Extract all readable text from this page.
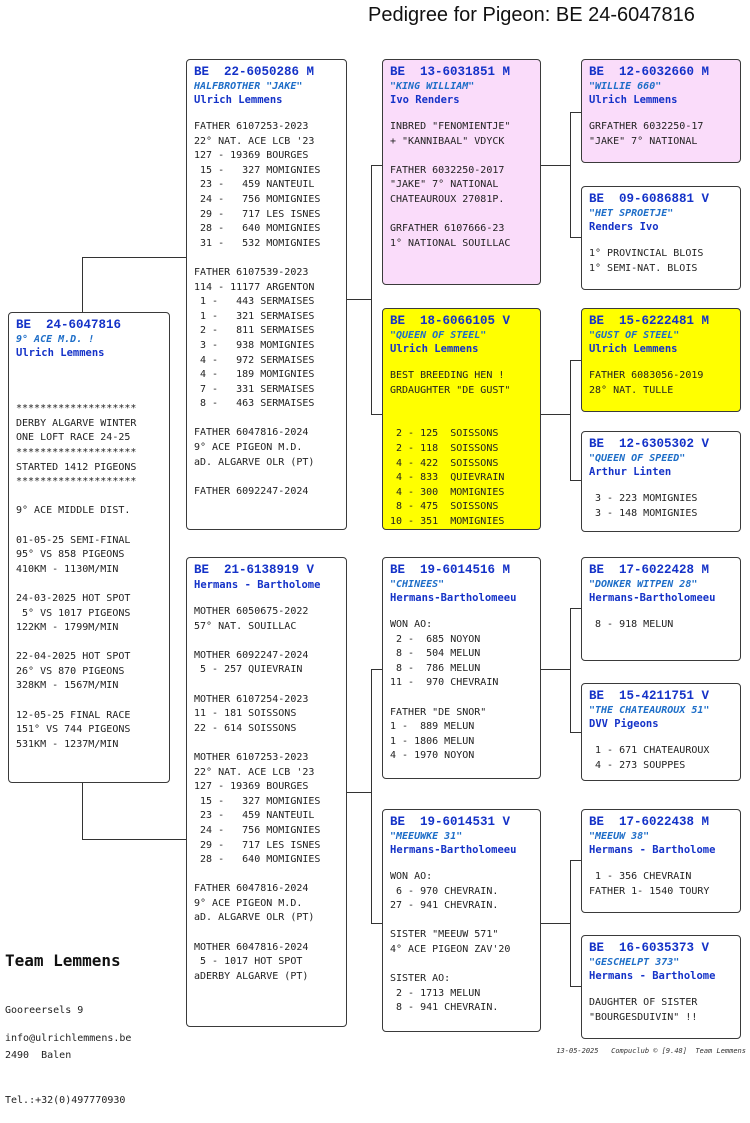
Pedigree for Pigeon: BE 24-6047816
BE  24-6047816
9° ACE M.D. !
Ulrich Lemmens
********************
DERBY ALGARVE WINTER
ONE LOFT RACE 24-25
********************
STARTED 1412 PIGEONS
********************
9° ACE MIDDLE DIST.
01-05-25 SEMI-FINAL
95° VS 858 PIGEONS
410KM - 1130M/MIN
24-03-2025 HOT SPOT
5° VS 1017 PIGEONS
122KM - 1799M/MIN
22-04-2025 HOT SPOT
26° VS 870 PIGEONS
328KM - 1567M/MIN
12-05-25 FINAL RACE
151° VS 744 PIGEONS
531KM - 1237M/MIN
BE  22-6050286 M
HALFBROTHER "JAKE"
Ulrich Lemmens
FATHER 6107253-2023
22° NAT. ACE LCB '23
127 - 19369 BOURGES
15 -   327 MOMIGNIES
23 -   459 NANTEUIL
24 -   756 MOMIGNIES
29 -   717 LES ISNES
28 -   640 MOMIGNIES
31 -   532 MOMIGNIES
FATHER 6107539-2023
114 - 11177 ARGENTON
1 -   443 SERMAISES
1 -   321 SERMAISES
2 -   811 SERMAISES
3 -   938 MOMIGNIES
4 -   972 SERMAISES
4 -   189 MOMIGNIES
7 -   331 SERMAISES
8 -   463 SERMAISES
FATHER 6047816-2024
9° ACE PIGEON M.D.
aD. ALGARVE OLR (PT)
FATHER 6092247-2024
BE  21-6138919 V
Hermans - Bartholome
MOTHER 6050675-2022
57° NAT. SOUILLAC
MOTHER 6092247-2024
5 - 257 QUIEVRAIN
MOTHER 6107254-2023
11 - 181 SOISSONS
22 - 614 SOISSONS
MOTHER 6107253-2023
22° NAT. ACE LCB '23
127 - 19369 BOURGES
15 -   327 MOMIGNIES
23 -   459 NANTEUIL
24 -   756 MOMIGNIES
29 -   717 LES ISNES
28 -   640 MOMIGNIES
FATHER 6047816-2024
9° ACE PIGEON M.D.
aD. ALGARVE OLR (PT)
MOTHER 6047816-2024
5 - 1017 HOT SPOT
aDERBY ALGARVE (PT)
BE  13-6031851 M
"KING WILLIAM"
Ivo Renders
INBRED "FENOMIENTJE"
+ "KANNIBAAL" VDYCK
FATHER 6032250-2017
"JAKE" 7° NATIONAL
CHATEAUROUX 27081P.
GRFATHER 6107666-23
1° NATIONAL SOUILLAC
BE  18-6066105 V
"QUEEN OF STEEL"
Ulrich Lemmens
BEST BREEDING HEN !
GRDAUGHTER "DE GUST"
2 - 125  SOISSONS
2 - 118  SOISSONS
4 - 422  SOISSONS
4 - 833  QUIEVRAIN
4 - 300  MOMIGNIES
8 - 475  SOISSONS
10 - 351  MOMIGNIES
BE  19-6014516 M
"CHINEES"
Hermans-Bartholomeeu
WON AO:
2 -  685 NOYON
8 -  504 MELUN
8 -  786 MELUN
11 -  970 CHEVRAIN
FATHER "DE SNOR"
1 -  889 MELUN
1 - 1806 MELUN
4 - 1970 NOYON
BE  19-6014531 V
"MEEUWKE 31"
Hermans-Bartholomeeu
WON AO:
6 - 970 CHEVRAIN.
27 - 941 CHEVRAIN.
SISTER "MEEUW 571"
4° ACE PIGEON ZAV'20
SISTER AO:
2 - 1713 MELUN
8 - 941 CHEVRAIN.
BE  12-6032660 M
"WILLIE 660"
Ulrich Lemmens
GRFATHER 6032250-17
"JAKE" 7° NATIONAL
BE  09-6086881 V
"HET SPROETJE"
Renders Ivo
1° PROVINCIAL BLOIS
1° SEMI-NAT. BLOIS
BE  15-6222481 M
"GUST OF STEEL"
Ulrich Lemmens
FATHER 6083056-2019
28° NAT. TULLE
BE  12-6305302 V
"QUEEN OF SPEED"
Arthur Linten
3 - 223 MOMIGNIES
3 - 148 MOMIGNIES
BE  17-6022428 M
"DONKER WITPEN 28"
Hermans-Bartholomeeu
8 - 918 MELUN
BE  15-4211751 V
"THE CHATEAUROUX 51"
DVV Pigeons
1 - 671 CHATEAUROUX
4 - 273 SOUPPES
BE  17-6022438 M
"MEEUW 38"
Hermans - Bartholome
1 - 356 CHEVRAIN
FATHER 1- 1540 TOURY
BE  16-6035373 V
"GESCHELPT 373"
Hermans - Bartholome
DAUGHTER OF SISTER
"BOURGESDUIVIN" !!
Team Lemmens

Gooreersels 9

2490  Balen

Tel.:+32(0)497770930

info@ulrichlemmens.be
13-05-2025   Compuclub © [9.48]  Team Lemmens
